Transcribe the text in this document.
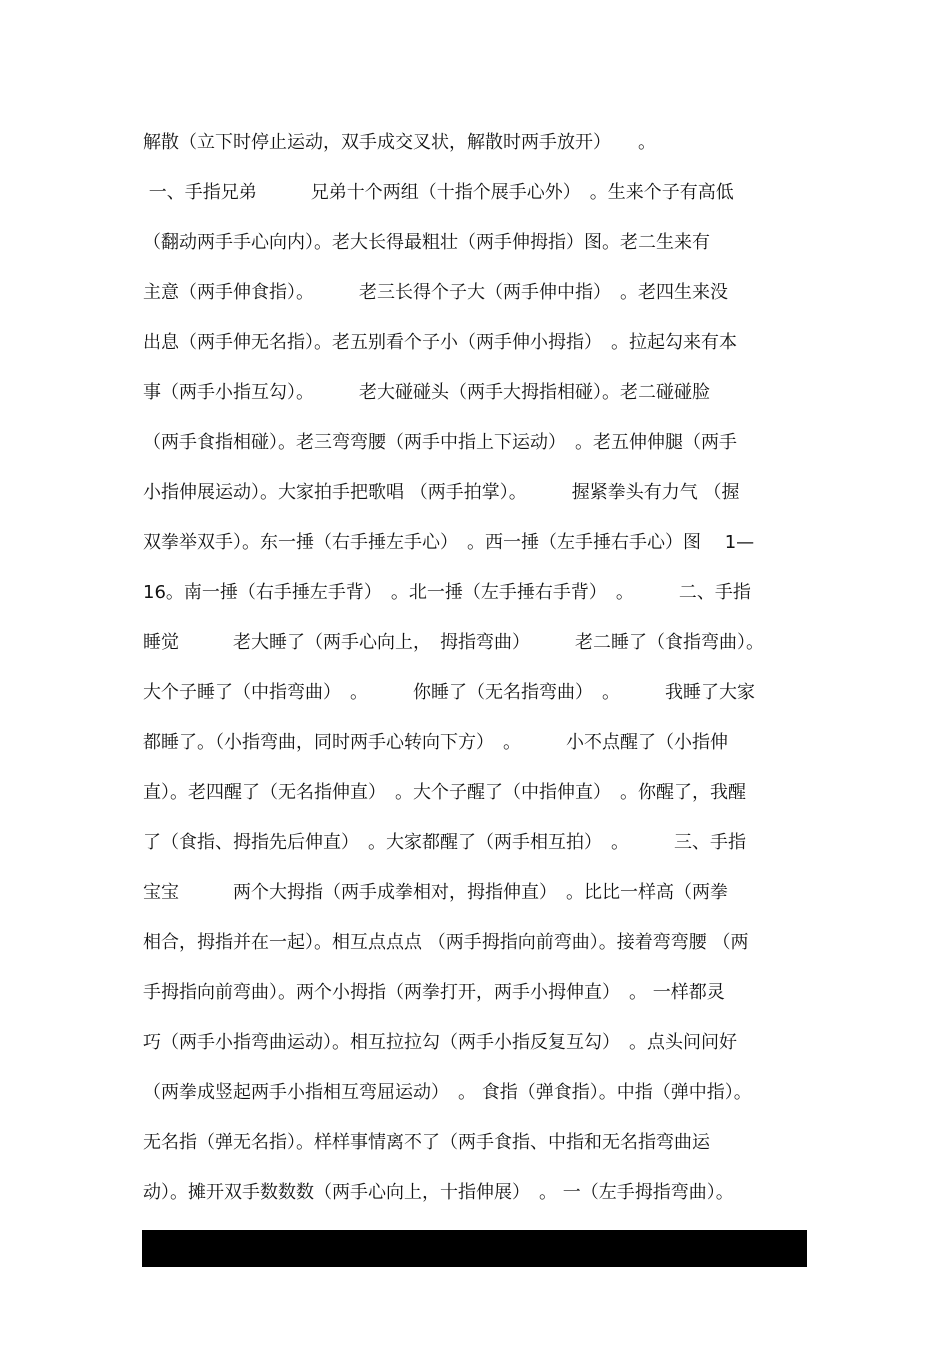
解散（立下时停止运动，双手成交叉状，解散时两手放开）　　。
一、手指兄弟　　　兄弟十个两组（十指个展手心外）　。生来个子有高低
（翻动两手手心向内）。老大长得最粗壮（两手伸拇指）图。老二生来有
主意（两手伸食指）。　　　老三长得个子大（两手伸中指）　。老四生来没
出息（两手伸无名指）。老五别看个子小（两手伸小拇指）　。拉起勾来有本
事（两手小指互勾）。　　　老大碰碰头（两手大拇指相碰）。老二碰碰脸
（两手食指相碰）。老三弯弯腰（两手中指上下运动）　。老五伸伸腿（两手
小指伸展运动）。大家拍手把歌唱 （两手拍掌）。　　　握紧拳头有力气 （握
双拳举双手）。东一捶（右手捶左手心）　。西一捶（左手捶右手心）图　 1—
16。南一捶（右手捶左手背）　。北一捶（左手捶右手背）　。　　　二、手指
睡觉　　　老大睡了（两手心向上，　拇指弯曲）　　　老二睡了（食指弯曲）。
大个子睡了（中指弯曲）　。　　　你睡了（无名指弯曲）　。　　　我睡了大家
都睡了。（小指弯曲，同时两手心转向下方）　。　　　小不点醒了（小指伸
直）。老四醒了（无名指伸直）　。大个子醒了（中指伸直）　。你醒了，我醒
了（食指、拇指先后伸直）　。大家都醒了（两手相互拍）　。　　　三、手指
宝宝　　　两个大拇指（两手成拳相对，拇指伸直）　。比比一样高（两拳
相合，拇指并在一起）。相互点点点 （两手拇指向前弯曲）。接着弯弯腰 （两
手拇指向前弯曲）。两个小拇指（两拳打开，两手小拇伸直）　。 一样都灵
巧（两手小指弯曲运动）。相互拉拉勾（两手小指反复互勾）　。点头问问好
（两拳成竖起两手小指相互弯屈运动）　。 食指（弹食指）。中指（弹中指）。
无名指（弹无名指）。样样事情离不了（两手食指、中指和无名指弯曲运
动）。摊开双手数数数（两手心向上，十指伸展）　。 一（左手拇指弯曲）。
